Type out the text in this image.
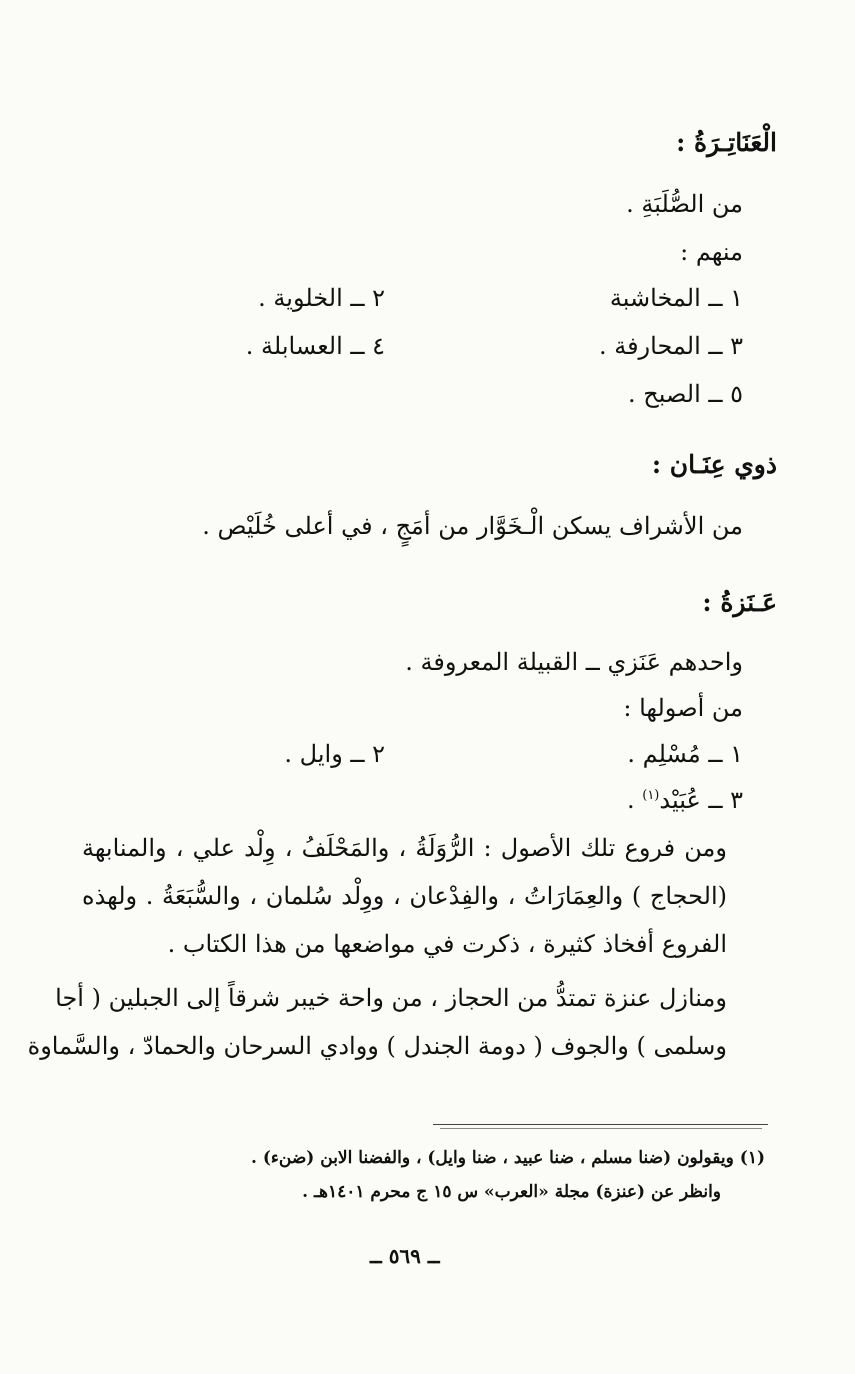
الْعَنَاتِـرَةُ :
من الصُّلَبَةِ .
منهم :
١ ــ المخاشبة
٢ ــ الخلوية .
٣ ــ المحارفة .
٤ ــ العسابلة .
٥ ــ الصبح .
ذوي عِنَـان :
من الأشراف يسكن الْـخَوَّار من أمَجٍ ، في أعلى خُلَيْص .
عَـنَزةُ :
واحدهم عَنَزي ــ القبيلة المعروفة .
من أصولها :
١ ــ مُسْلِم .
٢ ــ وايل .
٣ ــ عُبَيْد$^{(١)}$ .
ومن فروع تلك الأصول : الرُّوَلَةُ ، والمَحْلَفُ ، وِلْد علي ، والمنابهة
(الحجاج ) والعِمَارَاتُ ، والفِدْعان ، ووِلْد سُلمان ، والسُّبَعَةُ . ولهذه
الفروع أفخاذ كثيرة ، ذكرت في مواضعها من هذا الكتاب .
ومنازل عنزة تمتدُّ من الحجاز ، من واحة خيبر شرقاً إلى الجبلين ( أجا
وسلمى ) والجوف ( دومة الجندل ) ووادي السرحان والحمادّ ، والسَّماوة
(١) ويقولون (ضنا مسلم ، ضنا عبيد ، ضنا وايل) ، والفضنا الابن (ضنء) .
وانظر عن (عنزة) مجلة «العرب» س ١٥ ج محرم ١٤٠١هـ .
ــ ٥٦٩ ــ
